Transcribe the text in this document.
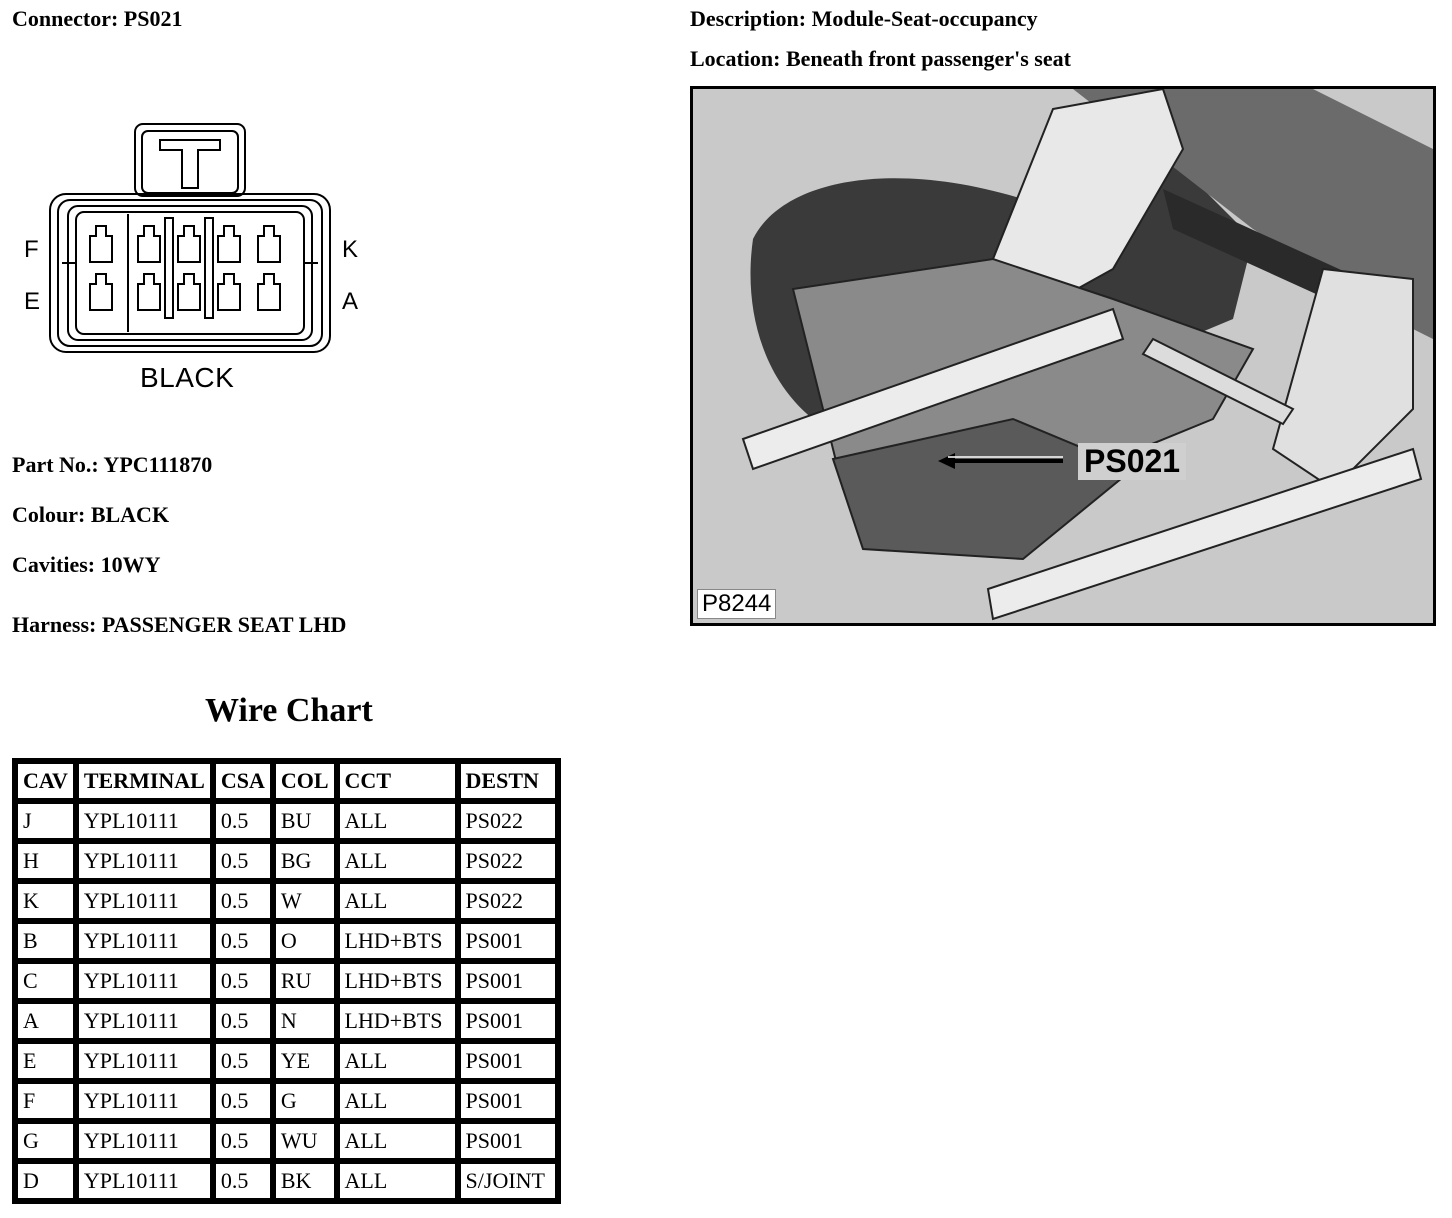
Connector: PS021	Description: Module-Seat-occupancy
Location: Beneath front passenger's seat
F
E
K
A
BLACK
Part No.: YPC111870
Colour: BLACK
Cavities: 10WY
Harness: PASSENGER SEAT LHD
Wire Chart
CAV	TERMINAL	CSA	COL	CCT	DESTN
J	YPL10111	0.5	BU	ALL	PS022
H	YPL10111	0.5	BG	ALL	PS022
K	YPL10111	0.5	W	ALL	PS022
B	YPL10111	0.5	O	LHD+BTS	PS001
C	YPL10111	0.5	RU	LHD+BTS	PS001
A	YPL10111	0.5	N	LHD+BTS	PS001
E	YPL10111	0.5	YE	ALL	PS001
F	YPL10111	0.5	G	ALL	PS001
G	YPL10111	0.5	WU	ALL	PS001
D	YPL10111	0.5	BK	ALL	S/JOINT
PS021
P8244
